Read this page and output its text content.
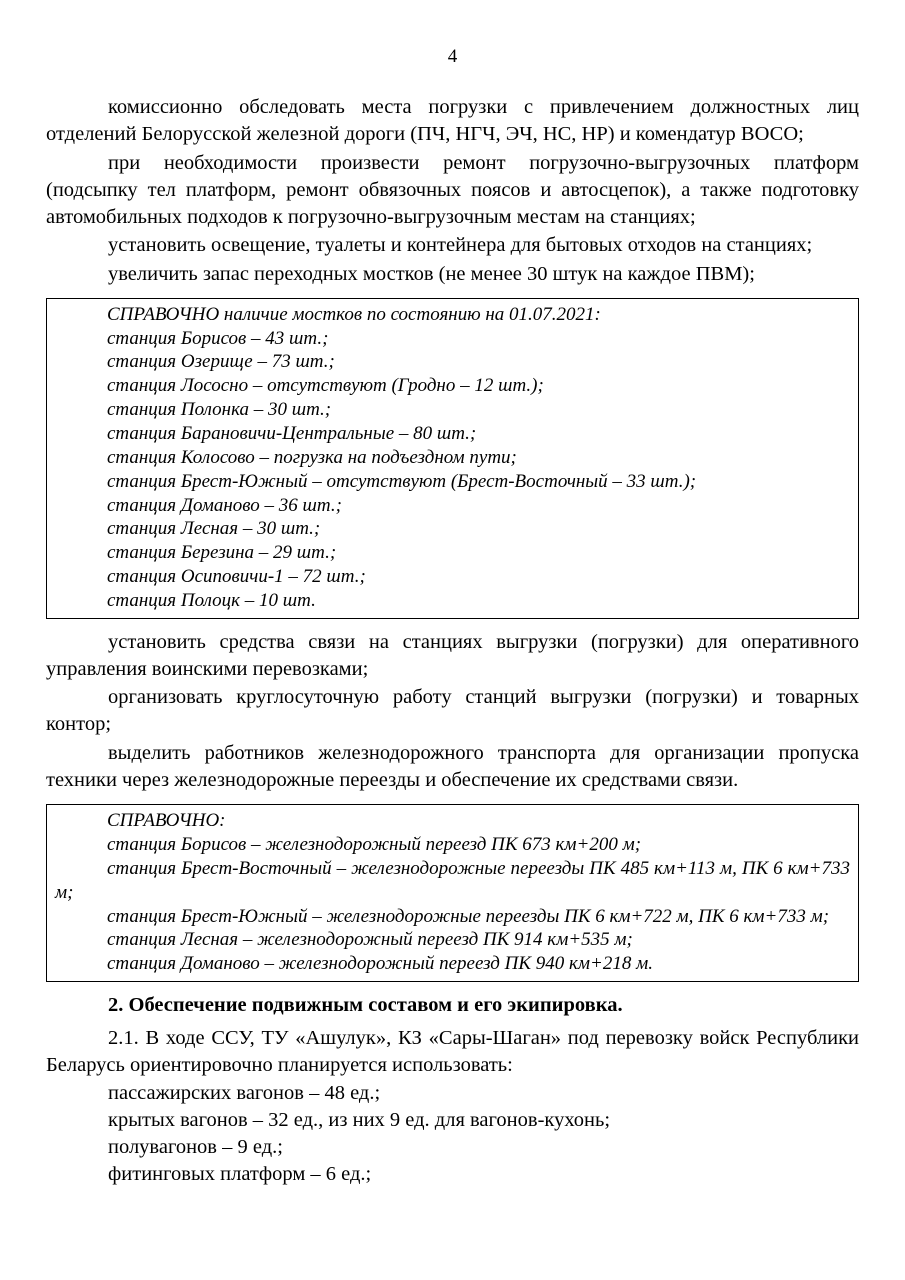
4

комиссионно обследовать места погрузки с привлечением должностных лиц отделений Белорусской железной дороги (ПЧ, НГЧ, ЭЧ, НС, НР) и комендатур ВОСО;

при необходимости произвести ремонт погрузочно-выгрузочных платформ (подсыпку тел платформ, ремонт обвязочных поясов и автосцепок), а также подготовку автомобильных подходов к погрузочно-выгрузочным местам на станциях;

установить освещение, туалеты и контейнера для бытовых отходов на станциях;

увеличить запас переходных мостков (не менее 30 штук на каждое ПВМ);

СПРАВОЧНО наличие мостков по состоянию на 01.07.2021:

станция Борисов – 43 шт.;

станция Озерище – 73 шт.;

станция Лососно – отсутствуют (Гродно – 12 шт.);

станция Полонка – 30 шт.;

станция Барановичи-Центральные – 80 шт.;

станция Колосово – погрузка на подъездном пути;

станция Брест-Южный – отсутствуют (Брест-Восточный – 33 шт.);

станция Доманово – 36 шт.;

станция Лесная – 30 шт.;

станция Березина – 29 шт.;

станция Осиповичи-1 – 72 шт.;

станция Полоцк – 10 шт.

установить средства связи на станциях выгрузки (погрузки) для оперативного управления воинскими перевозками;

организовать круглосуточную работу станций выгрузки (погрузки) и товарных контор;

выделить работников железнодорожного транспорта для организации пропуска техники через железнодорожные переезды и обеспечение их средствами связи.

СПРАВОЧНО:

станция Борисов – железнодорожный переезд ПК 673 км+200 м;

станция Брест-Восточный – железнодорожные переезды ПК 485 км+113 м, ПК 6 км+733 м;

станция Брест-Южный – железнодорожные переезды ПК 6 км+722 м, ПК 6 км+733 м;

станция Лесная – железнодорожный переезд ПК 914 км+535 м;

станция Доманово – железнодорожный переезд ПК 940 км+218 м.

2. Обеспечение подвижным составом и его экипировка.

2.1. В ходе ССУ, ТУ «Ашулук», КЗ «Сары-Шаган» под перевозку войск Республики Беларусь ориентировочно планируется использовать:

пассажирских вагонов – 48 ед.;

крытых вагонов – 32 ед., из них 9 ед. для вагонов-кухонь;

полувагонов – 9 ед.;

фитинговых платформ – 6 ед.;
